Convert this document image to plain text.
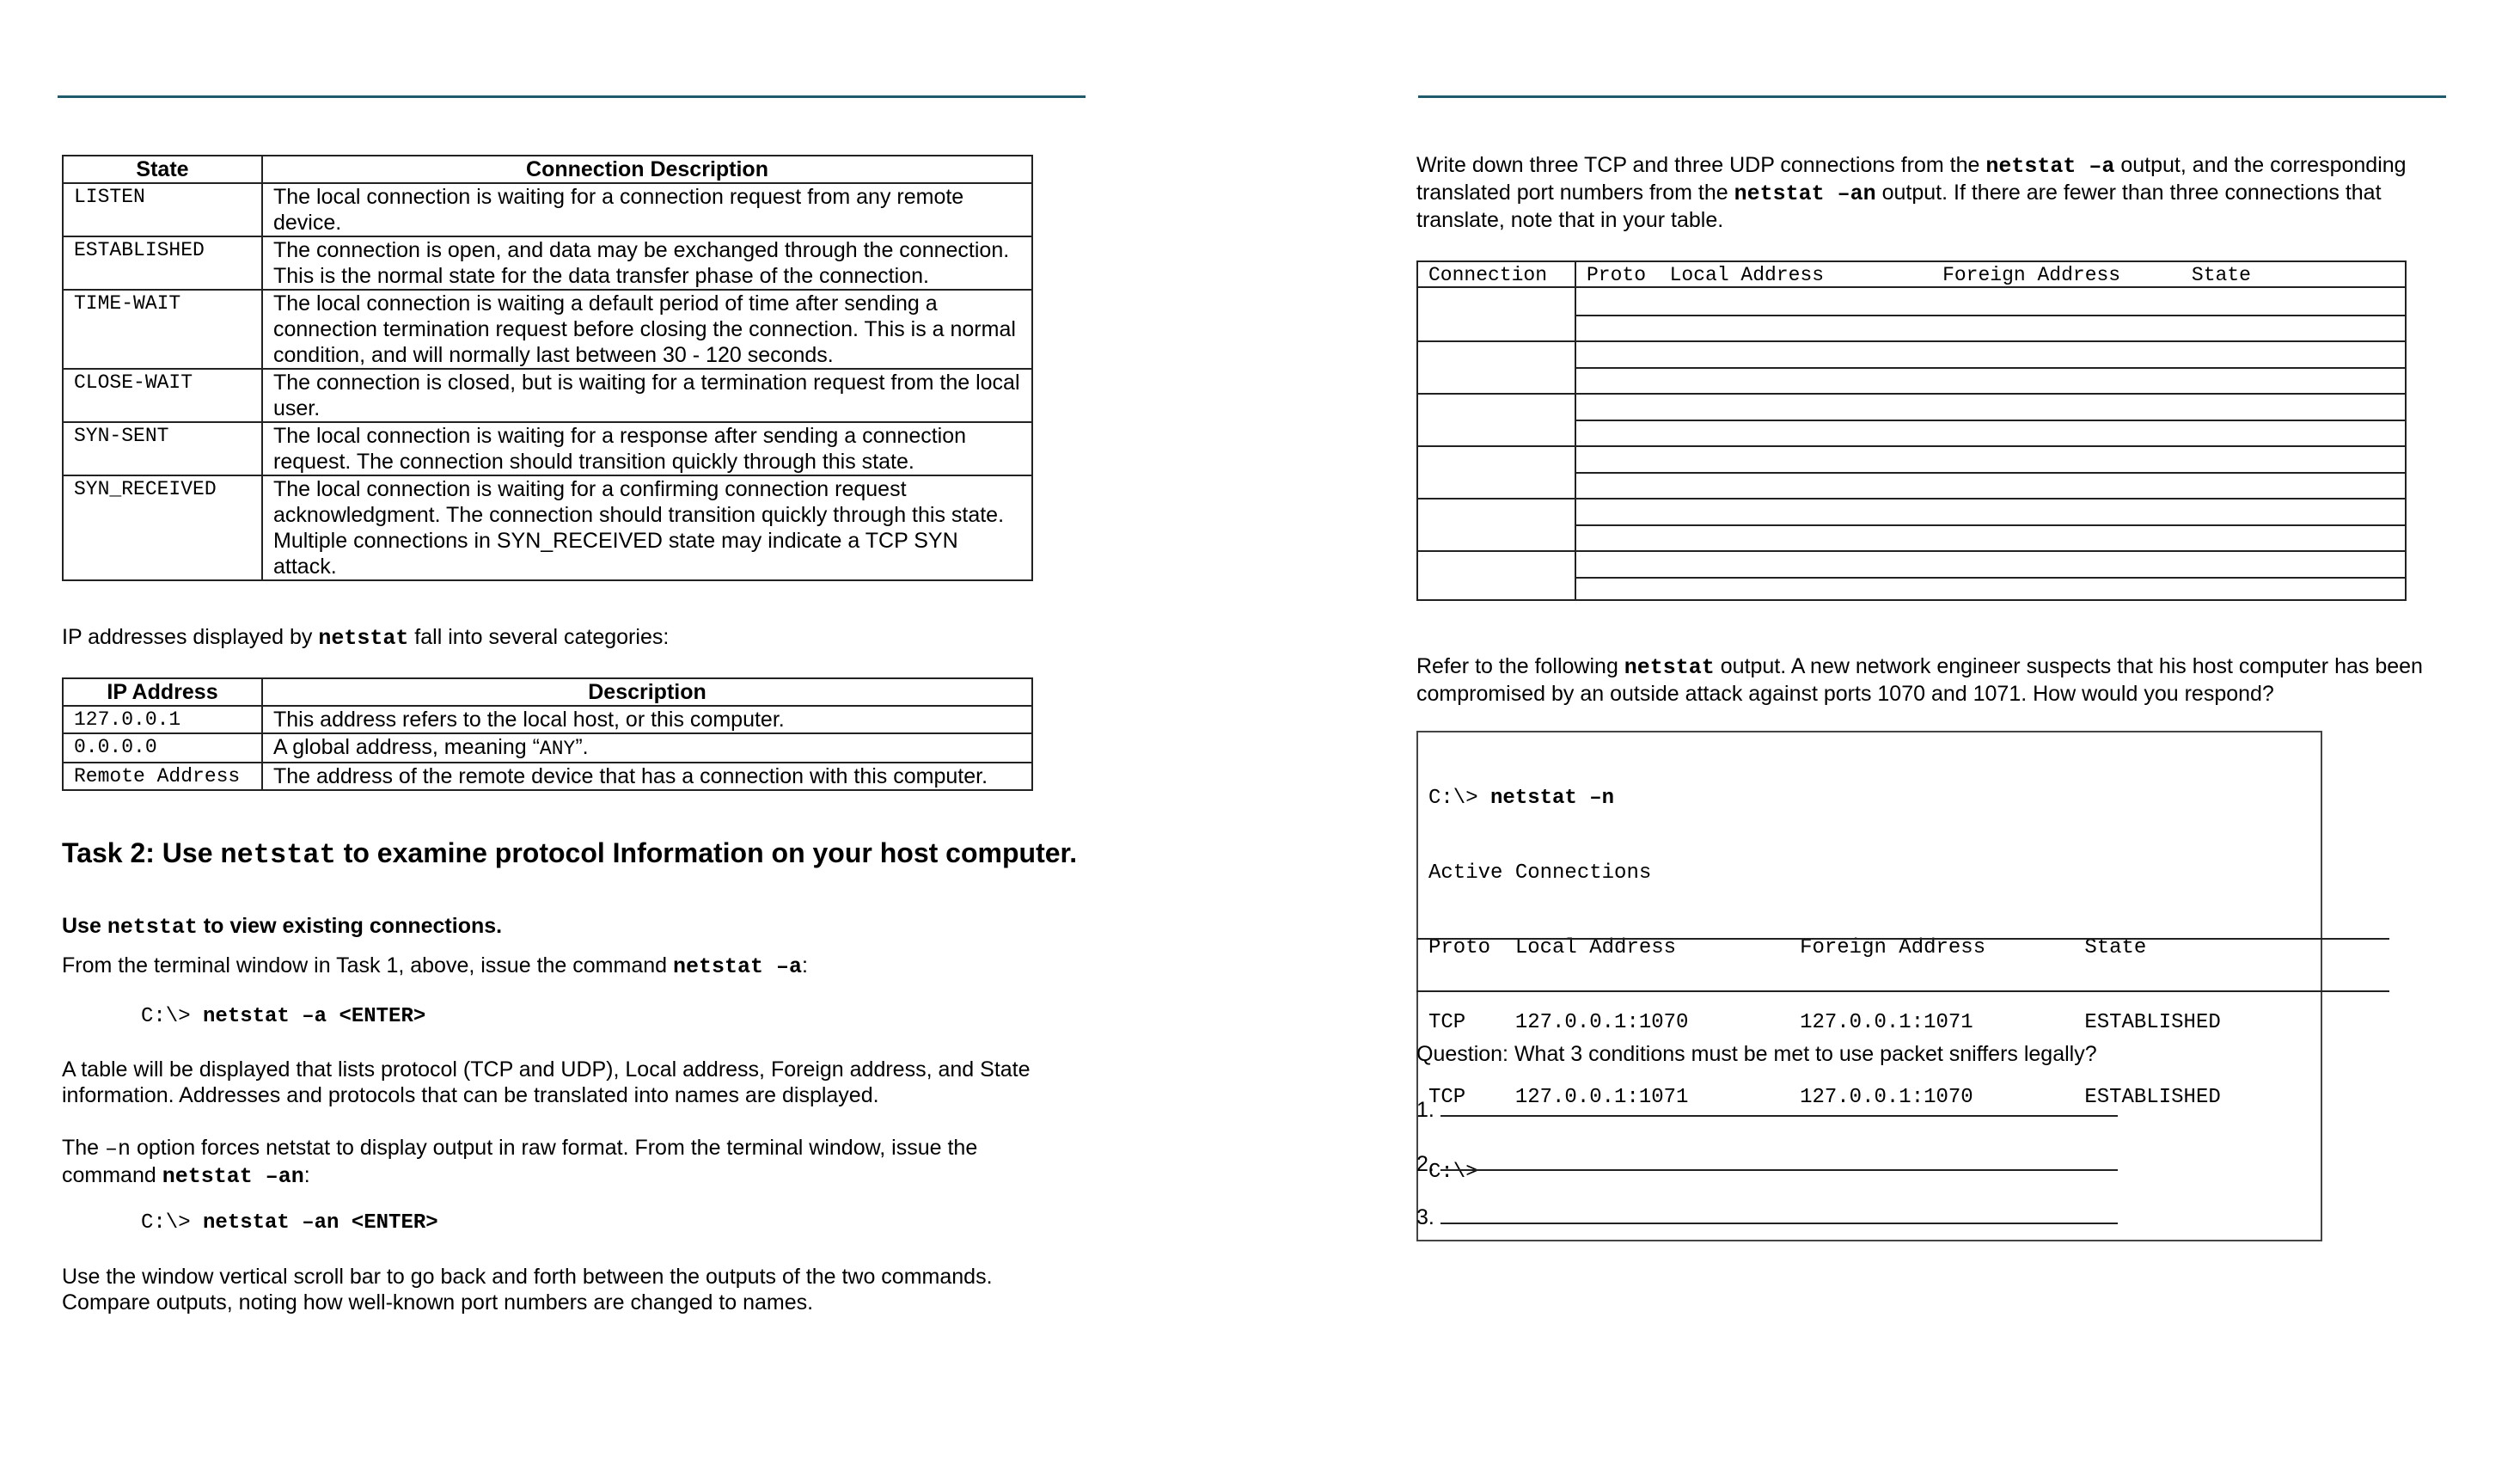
State	Connection Description
LISTEN	The local connection is waiting for a connection request from any remote device.
ESTABLISHED	The connection is open, and data may be exchanged through the connection. This is the normal state for the data transfer phase of the connection.
TIME-WAIT	The local connection is waiting a default period of time after sending a connection termination request before closing the connection. This is a normal condition, and will normally last between 30 - 120 seconds.
CLOSE-WAIT	The connection is closed, but is waiting for a termination request from the local user.
SYN-SENT	The local connection is waiting for a response after sending a connection request. The connection should transition quickly through this state.
SYN_RECEIVED	The local connection is waiting for a confirming connection request acknowledgment. The connection should transition quickly through this state. Multiple connections in SYN_RECEIVED state may indicate a TCP SYN attack.

IP addresses displayed by netstat fall into several categories:

IP Address	Description
127.0.0.1	This address refers to the local host, or this computer.
0.0.0.0	A global address, meaning “ANY”.
Remote Address	The address of the remote device that has a connection with this computer.

Task 2: Use netstat to examine protocol Information on your host computer.

Use netstat to view existing connections.

From the terminal window in Task 1, above, issue the command netstat –a:

C:\> netstat –a <ENTER>

A table will be displayed that lists protocol (TCP and UDP), Local address, Foreign address, and State information. Addresses and protocols that can be translated into names are displayed.

The –n option forces netstat to display output in raw format. From the terminal window, issue the command netstat –an:

C:\> netstat –an <ENTER>

Use the window vertical scroll bar to go back and forth between the outputs of the two commands. Compare outputs, noting how well-known port numbers are changed to names.

Write down three TCP and three UDP connections from the netstat –a output, and the corresponding translated port numbers from the netstat –an output. If there are fewer than three connections that translate, note that in your table.

Connection Proto  Local Address          Foreign Address      State

Refer to the following netstat output. A new network engineer suspects that his host computer has been compromised by an outside attack against ports 1070 and 1071. How would you respond?

C:\> netstat –n

Active Connections

Proto  Local Address          Foreign Address        State

TCP    127.0.0.1:1070         127.0.0.1:1071         ESTABLISHED

TCP    127.0.0.1:1071         127.0.0.1:1070         ESTABLISHED

C:\>

Question: What 3 conditions must be met to use packet sniffers legally?

1.

2.

3.
